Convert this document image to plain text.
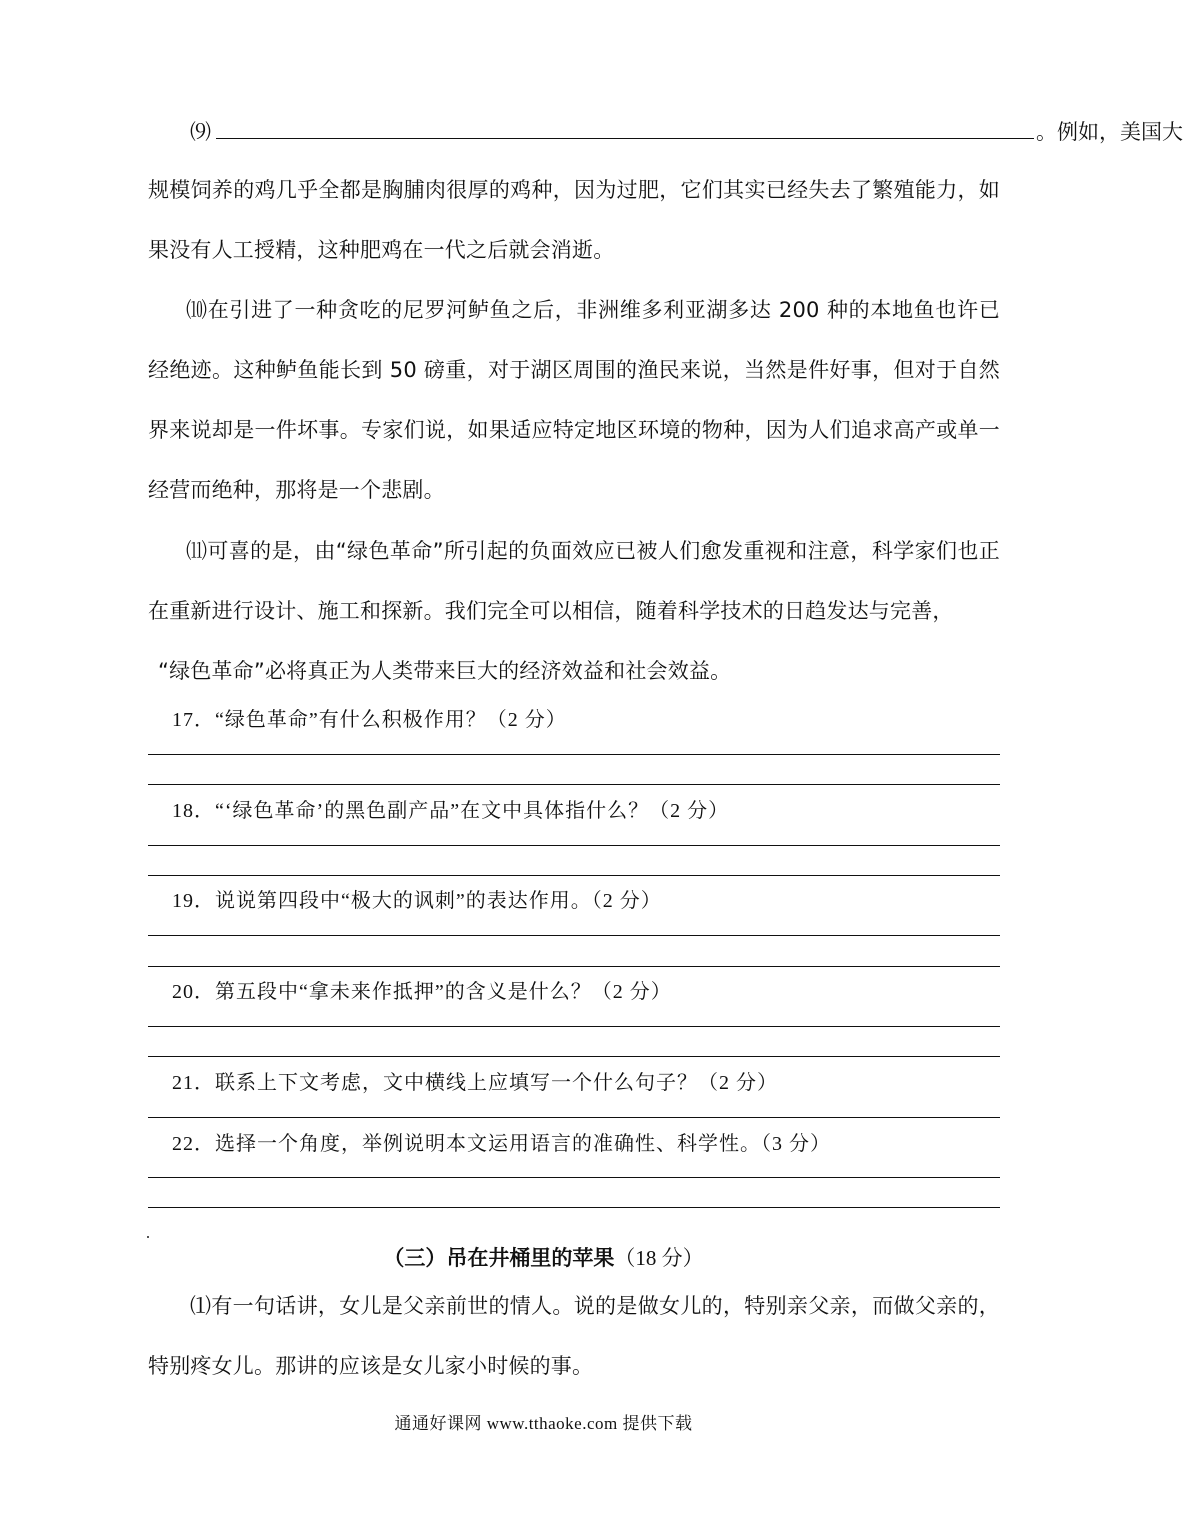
⑼	。例如，美国大

规模饲养的鸡几乎全都是胸脯肉很厚的鸡种，因为过肥，它们其实已经失去了繁殖能力，如果没有人工授精，这种肥鸡在一代之后就会消逝。

⑽在引进了一种贪吃的尼罗河鲈鱼之后，非洲维多利亚湖多达 200 种的本地鱼也许已经绝迹。这种鲈鱼能长到 50 磅重，对于湖区周围的渔民来说，当然是件好事，但对于自然界来说却是一件坏事。专家们说，如果适应特定地区环境的物种，因为人们追求高产或单一经营而绝种，那将是一个悲剧。

⑾可喜的是，由“绿色革命”所引起的负面效应已被人们愈发重视和注意，科学家们也正在重新进行设计、施工和探新。我们完全可以相信，随着科学技术的日趋发达与完善，

“绿色革命”必将真正为人类带来巨大的经济效益和社会效益。

17．“绿色革命”有什么积极作用？（2 分）
18．“‘绿色革命’的黑色副产品”在文中具体指什么？（2 分）
19．说说第四段中“极大的讽刺”的表达作用。（2 分）
20．第五段中“拿未来作抵押”的含义是什么？（2 分）
21．联系上下文考虑，文中横线上应填写一个什么句子？（2 分）
22．选择一个角度，举例说明本文运用语言的准确性、科学性。（3 分）
（三）吊在井桶里的苹果（18 分）

⑴有一句话讲，女儿是父亲前世的情人。说的是做女儿的，特别亲父亲，而做父亲的，特别疼女儿。那讲的应该是女儿家小时候的事。

通通好课网 www.tthaoke.com 提供下载
